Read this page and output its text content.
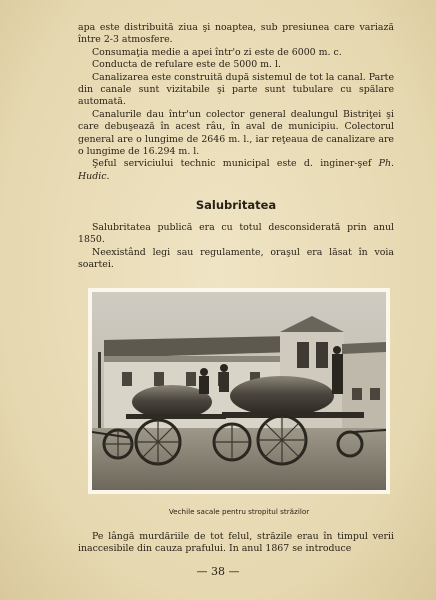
apa este distribuită ziua şi noaptea, sub presiunea care variază între 2-3 atmosfere.

Consumaţia medie a apei într'o zi este de 6000 m. c.

Conducta de refulare este de 5000 m. l.

Canalizarea este construită după sistemul de tot la canal. Parte din canale sunt vizitabile şi parte sunt tubulare cu spălare automată.

Canalurile dau într'un colector general dealungul Bistriţei şi care debuşează în acest râu, în aval de municipiu. Colectorul general are o lungime de 2646 m. l., iar reţeaua de canalizare are o lungime de 16.294 m. l.

Şeful serviciului technic municipal este d. inginer-şef Ph. Hudic.

Salubritatea

Salubritatea publică era cu totul desconsiderată prin anul 1850.

Neexistând legi sau regulamente, oraşul era lăsat în voia soartei.

Vechile sacale pentru stropitul străzilor

Pe lângă murdăriile de tot felul, străzile erau în timpul verii inaccesibile din cauza prafului. In anul 1867 se introduce

— 38 —
